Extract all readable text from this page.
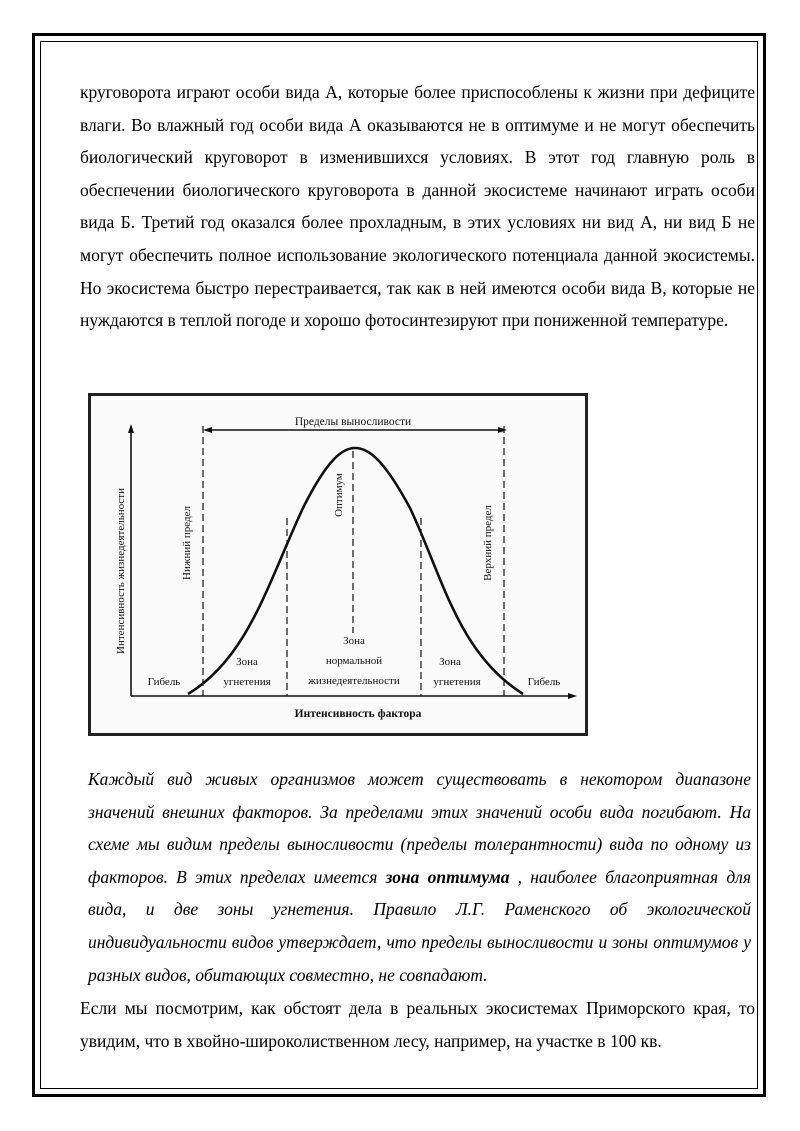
круговорота играют особи вида А, которые более приспособлены к жизни при дефиците влаги. Во влажный год особи вида А оказываются не в оптимуме и не могут обеспечить биологический круговорот в изменившихся условиях. В этот год главную роль в обеспечении биологического круговорота в данной экосистеме начинают играть особи вида Б. Третий год оказался более прохладным, в этих условиях ни вид А, ни вид Б не могут обеспечить полное использование экологического потенциала данной экосистемы. Но экосистема быстро перестраивается, так как в ней имеются особи вида В, которые не нуждаются в теплой погоде и хорошо фотосинтезируют при пониженной температуре.

Пределы выносливости
Интенсивность жизнедеятельности	Нижний предел	Верхний предел
Оптимум
Гибель	Гибель
Зона
угнетения
Зона
нормальной
жизнедеятельности
Зона
угнетения
Интенсивность фактора
Каждый вид живых организмов может существовать в некотором диапазоне значений внешних факторов. За пределами этих значений особи вида погибают. На схеме мы видим пределы выносливости (пределы толерантности) вида по одному из факторов. В этих пределах имеется зона оптимума , наиболее благоприятная для вида, и две зоны угнетения. Правило Л.Г. Раменского об экологической индивидуальности видов утверждает, что пределы выносливости и зоны оптимумов у разных видов, обитающих совместно, не совпадают.
Если мы посмотрим, как обстоят дела в реальных экосистемах Приморского края, то увидим, что в хвойно-широколиственном лесу, например, на участке в 100 кв.
